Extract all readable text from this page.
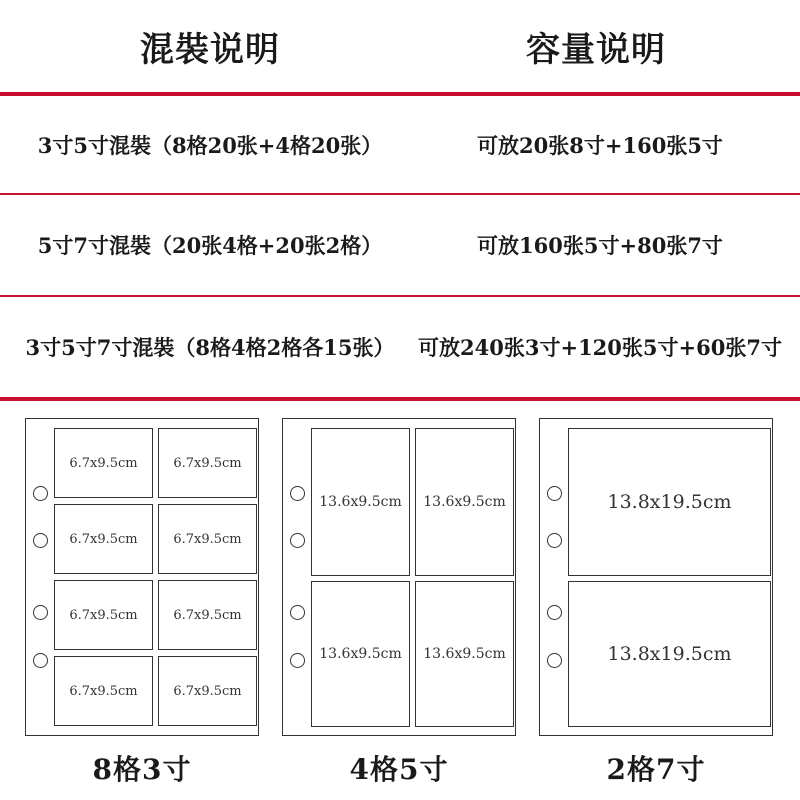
混裝说明	容量说明
3寸5寸混裝（8格20张+4格20张）	可放20张8寸+160张5寸
5寸7寸混裝（20张4格+20张2格）	可放160张5寸+80张7寸
3寸5寸7寸混裝（8格4格2格各15张）	可放240张3寸+120张5寸+60张7寸
6.7x9.5cm	6.7x9.5cm
6.7x9.5cm	6.7x9.5cm
6.7x9.5cm	6.7x9.5cm
6.7x9.5cm	6.7x9.5cm
8格3寸
13.6x9.5cm	13.6x9.5cm
13.6x9.5cm	13.6x9.5cm
4格5寸
13.8x19.5cm
13.8x19.5cm
2格7寸
